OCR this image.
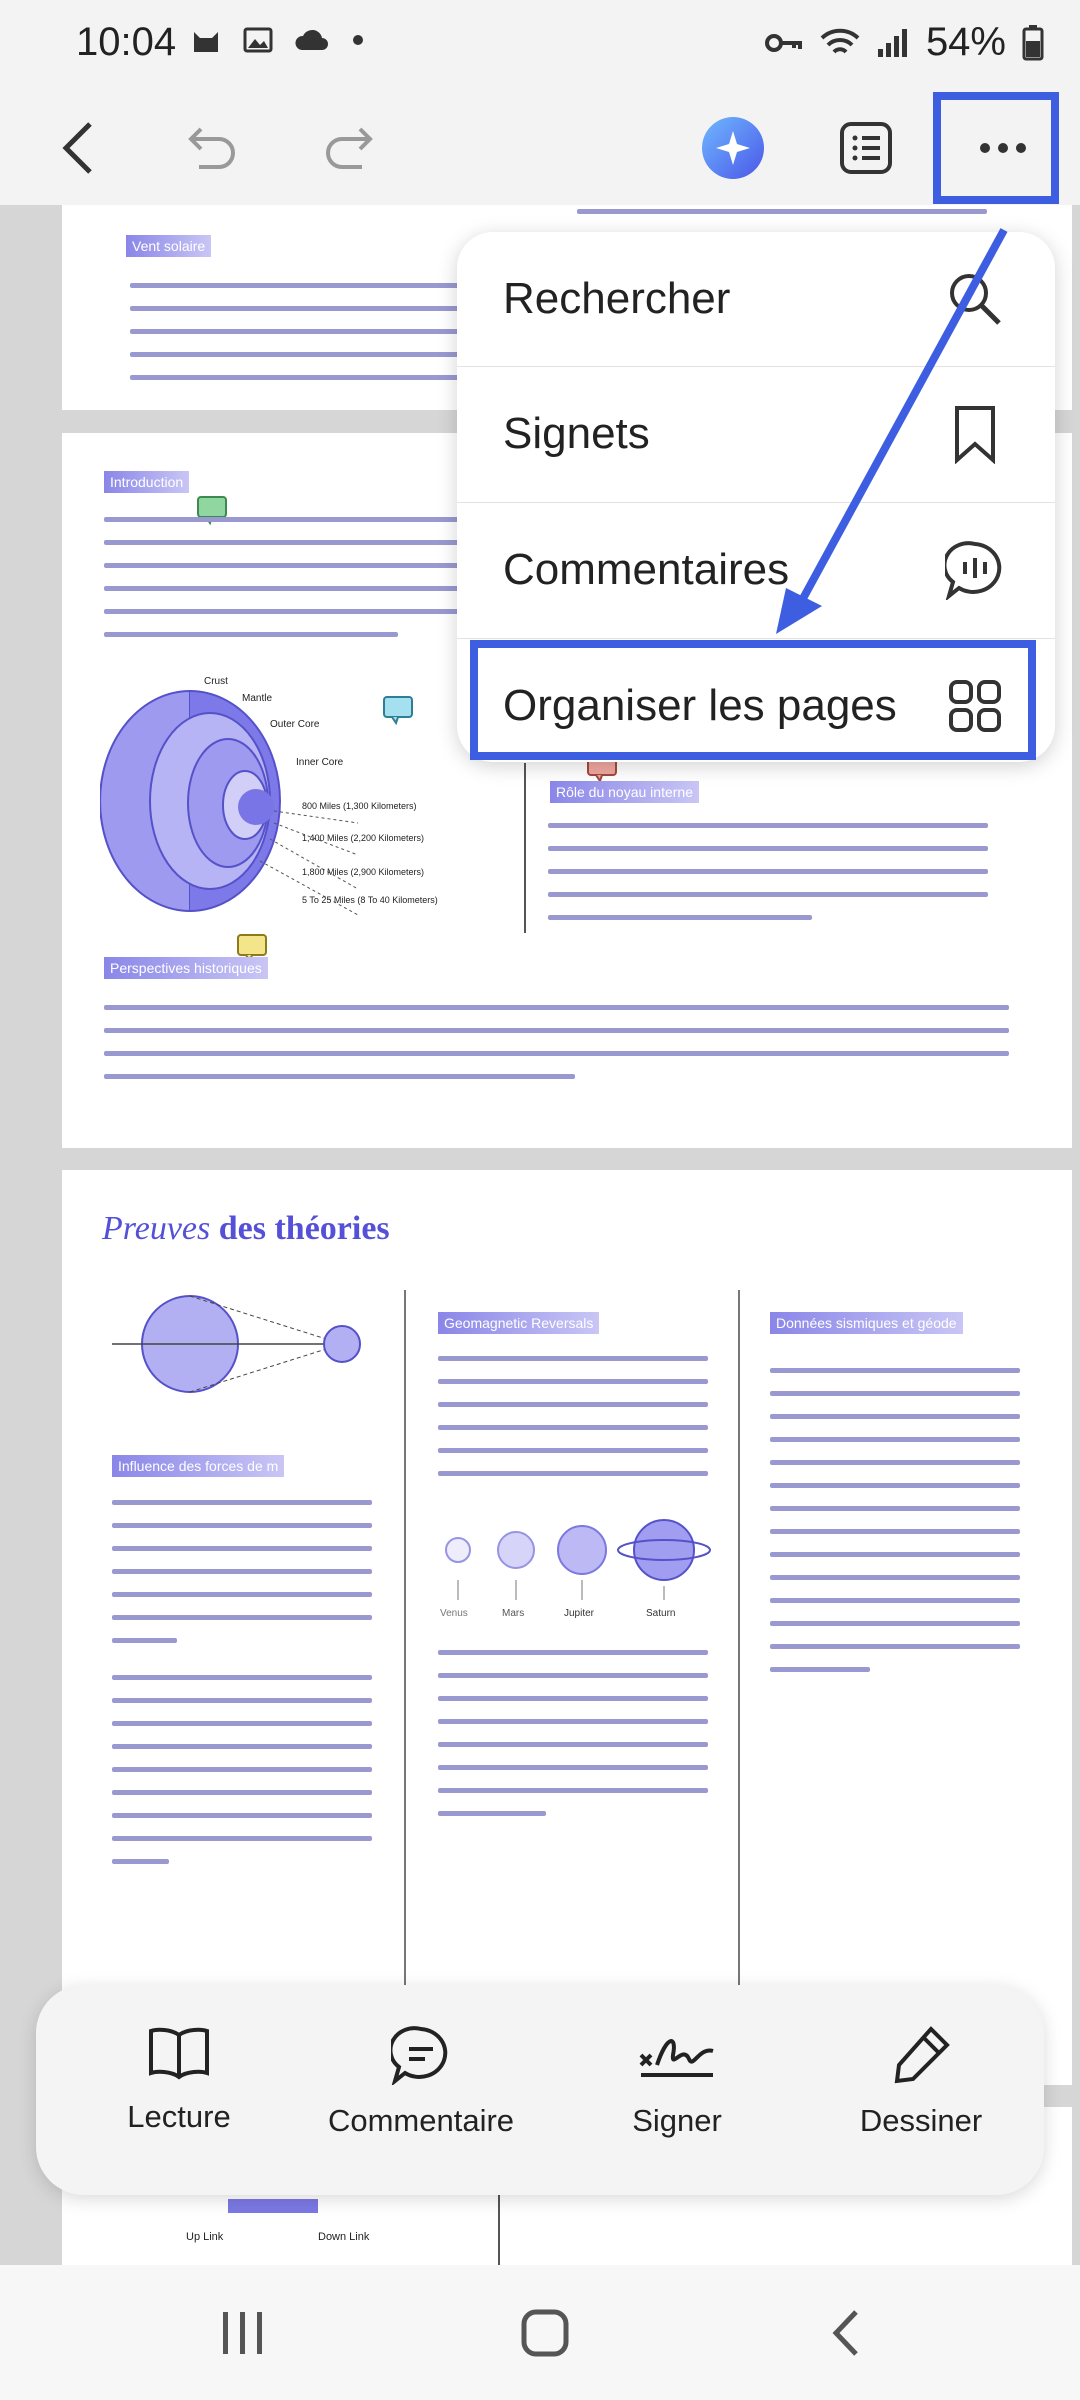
10:04	54%
Vent solaire
Introduction
Crust
Mantle
Outer Core
Inner Core
800 Miles (1,300 Kilometers)
1,400 Miles (2,200 Kilometers)
1,800 Miles (2,900 Kilometers)
5 To 25 Miles (8 To 40 Kilometers)
Rôle du noyau interne
Perspectives historiques
Preuves des théories
Influence des forces de m
Geomagnetic Reversals
Venus	Mars	Jupiter	Saturn
Données sismiques et géode
Up Link	Down Link
Rechercher
Signets
Commentaires
Organiser les pages
Lecture	Commentaire	Signer	Dessiner
